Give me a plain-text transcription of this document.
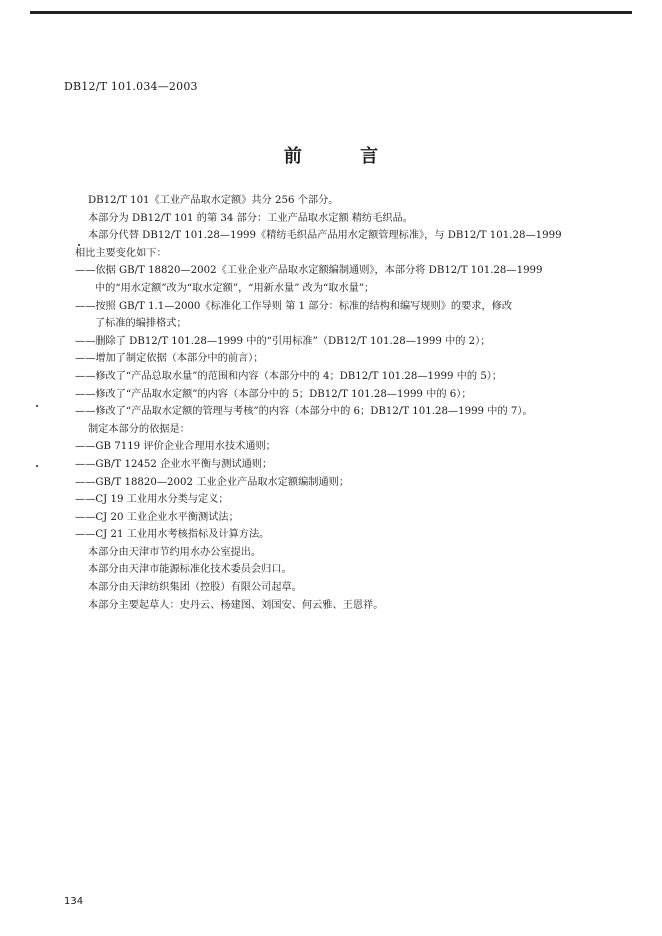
DB12/T 101.034—2003
前 言

DB12/T 101《工业产品取水定额》共分 256 个部分。

本部分为 DB12/T 101 的第 34 部分：工业产品取水定额 精纺毛织品。

本部分代替 DB12/T 101.28—1999《精纺毛织品产品用水定额管理标准》，与 DB12/T 101.28—1999

相比主要变化如下：

——依据 GB/T 18820—2002《工业企业产品取水定额编制通则》，本部分将 DB12/T 101.28—1999

中的“用水定额”改为“取水定额”，“用新水量” 改为“取水量”；

——按照 GB/T 1.1—2000《标准化工作导则 第 1 部分：标准的结构和编写规则》的要求，修改

了标准的编排格式；

——删除了 DB12/T 101.28—1999 中的“引用标准”（DB12/T 101.28—1999 中的 2）；

——增加了制定依据（本部分中的前言）；

——修改了“产品总取水量”的范围和内容（本部分中的 4；DB12/T 101.28—1999 中的 5）；

——修改了“产品取水定额”的内容（本部分中的 5；DB12/T 101.28—1999 中的 6）；

——修改了“产品取水定额的管理与考核”的内容（本部分中的 6；DB12/T 101.28—1999 中的 7）。

制定本部分的依据是：

——GB 7119 评价企业合理用水技术通则；

——GB/T 12452 企业水平衡与测试通则；

——GB/T 18820—2002 工业企业产品取水定额编制通则；

——CJ 19 工业用水分类与定义；

——CJ 20 工业企业水平衡测试法；

——CJ 21 工业用水考核指标及计算方法。

本部分由天津市节约用水办公室提出。

本部分由天津市能源标准化技术委员会归口。

本部分由天津纺织集团（控股）有限公司起草。

本部分主要起草人：史丹云、杨建图、刘国安、何云雅、王恩祥。

134
